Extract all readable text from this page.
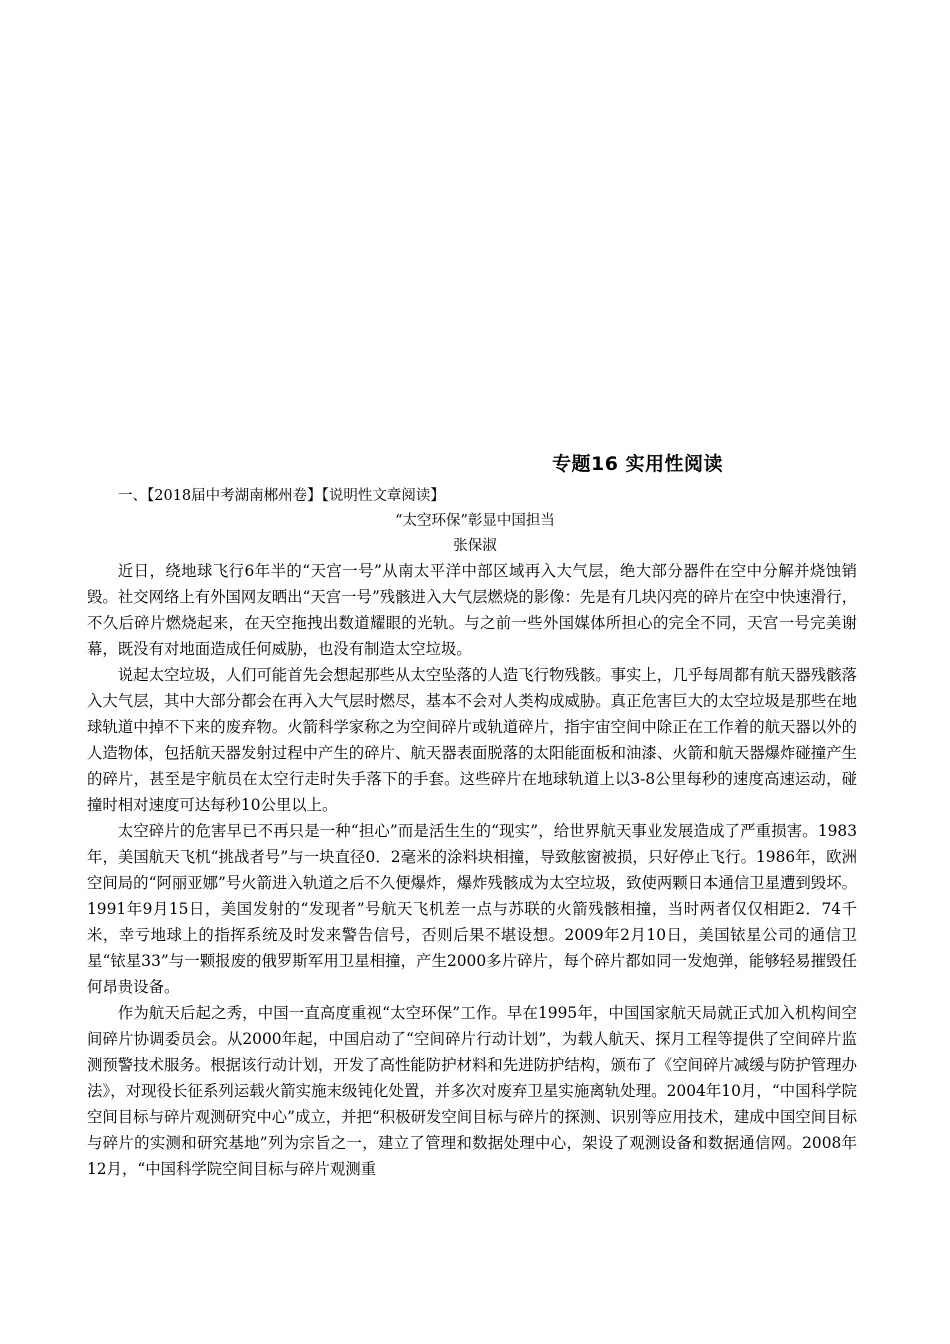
专题16 实用性阅读
一、【2018届中考湖南郴州卷】【说明性文章阅读】
“太空环保”彰显中国担当
张保淑

近日，绕地球飞行6年半的“天宫一号”从南太平洋中部区域再入大气层，绝大部分器件在空中分解并烧蚀销毁。社交网络上有外国网友晒出“天宫一号”残骸进入大气层燃烧的影像：先是有几块闪亮的碎片在空中快速滑行，不久后碎片燃烧起来，在天空拖拽出数道耀眼的光轨。与之前一些外国媒体所担心的完全不同，天宫一号完美谢幕，既没有对地面造成任何威胁，也没有制造太空垃圾。

说起太空垃圾，人们可能首先会想起那些从太空坠落的人造飞行物残骸。事实上，几乎每周都有航天器残骸落入大气层，其中大部分都会在再入大气层时燃尽，基本不会对人类构成威胁。真正危害巨大的太空垃圾是那些在地球轨道中掉不下来的废弃物。火箭科学家称之为空间碎片或轨道碎片，指宇宙空间中除正在工作着的航天器以外的人造物体，包括航天器发射过程中产生的碎片、航天器表面脱落的太阳能面板和油漆、火箭和航天器爆炸碰撞产生的碎片，甚至是宇航员在太空行走时失手落下的手套。这些碎片在地球轨道上以3-8公里每秒的速度高速运动，碰撞时相对速度可达每秒10公里以上。

太空碎片的危害早已不再只是一种“担心”而是活生生的“现实”，给世界航天事业发展造成了严重损害。1983年，美国航天飞机“挑战者号”与一块直径0．2毫米的涂料块相撞，导致舷窗被损，只好停止飞行。1986年，欧洲空间局的“阿丽亚娜”号火箭进入轨道之后不久便爆炸，爆炸残骸成为太空垃圾，致使两颗日本通信卫星遭到毁坏。1991年9月15日，美国发射的“发现者”号航天飞机差一点与苏联的火箭残骸相撞，当时两者仅仅相距2．74千米，幸亏地球上的指挥系统及时发来警告信号，否则后果不堪设想。2009年2月10日，美国铱星公司的通信卫星“铱星33”与一颗报废的俄罗斯军用卫星相撞，产生2000多片碎片，每个碎片都如同一发炮弹，能够轻易摧毁任何昂贵设备。

作为航天后起之秀，中国一直高度重视“太空环保”工作。早在1995年，中国国家航天局就正式加入机构间空间碎片协调委员会。从2000年起，中国启动了“空间碎片行动计划”，为载人航天、探月工程等提供了空间碎片监测预警技术服务。根据该行动计划，开发了高性能防护材料和先进防护结构，颁布了《空间碎片减缓与防护管理办法》，对现役长征系列运载火箭实施末级钝化处置，并多次对废弃卫星实施离轨处理。2004年10月，“中国科学院空间目标与碎片观测研究中心”成立，并把“积极研发空间目标与碎片的探测、识别等应用技术，建成中国空间目标与碎片的实测和研究基地”列为宗旨之一，建立了管理和数据处理中心，架设了观测设备和数据通信网。2008年12月，“中国科学院空间目标与碎片观测重
